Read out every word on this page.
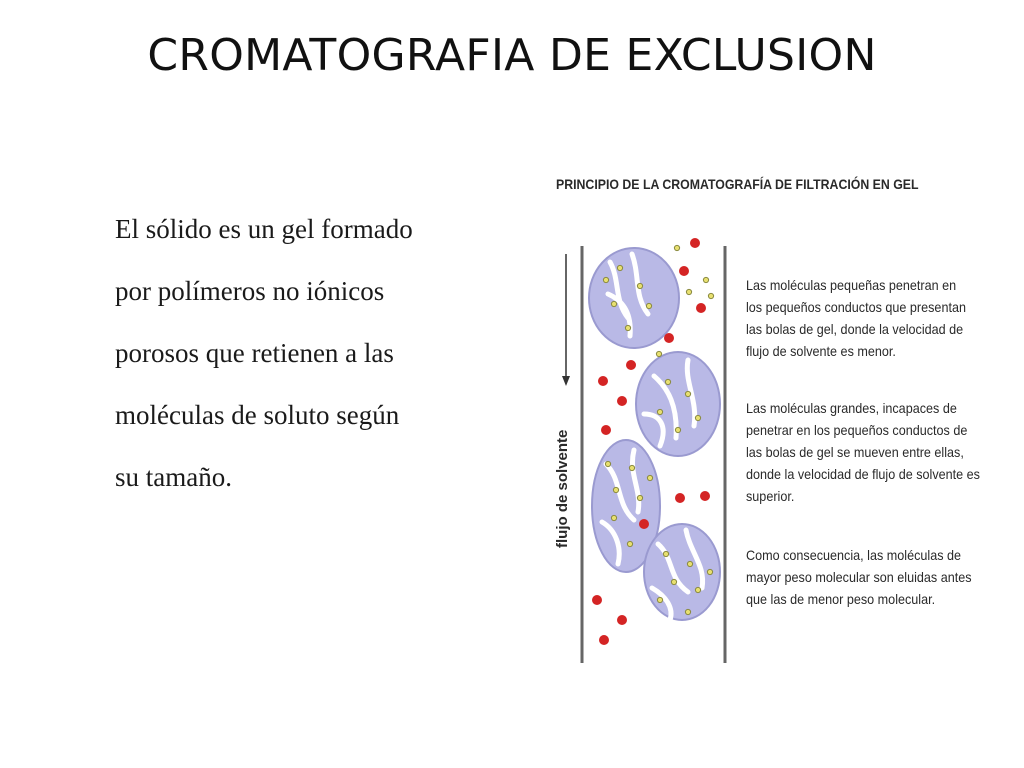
CROMATOGRAFIA DE EXCLUSION
El sólido es un gel formado
por polímeros no iónicos
porosos que retienen a las
moléculas de soluto según
su tamaño.
PRINCIPIO DE LA CROMATOGRAFÍA DE FILTRACIÓN EN GEL
flujo de solvente
Las moléculas pequeñas penetran en
los pequeños conductos que presentan
las bolas de gel, donde la velocidad de
flujo de solvente es menor.
Las moléculas grandes, incapaces de
penetrar en los pequeños conductos de
las bolas de gel se mueven entre ellas,
donde la velocidad de flujo de solvente es
superior.
Como consecuencia, las moléculas de
mayor peso molecular son eluidas antes
que las de menor peso molecular.
